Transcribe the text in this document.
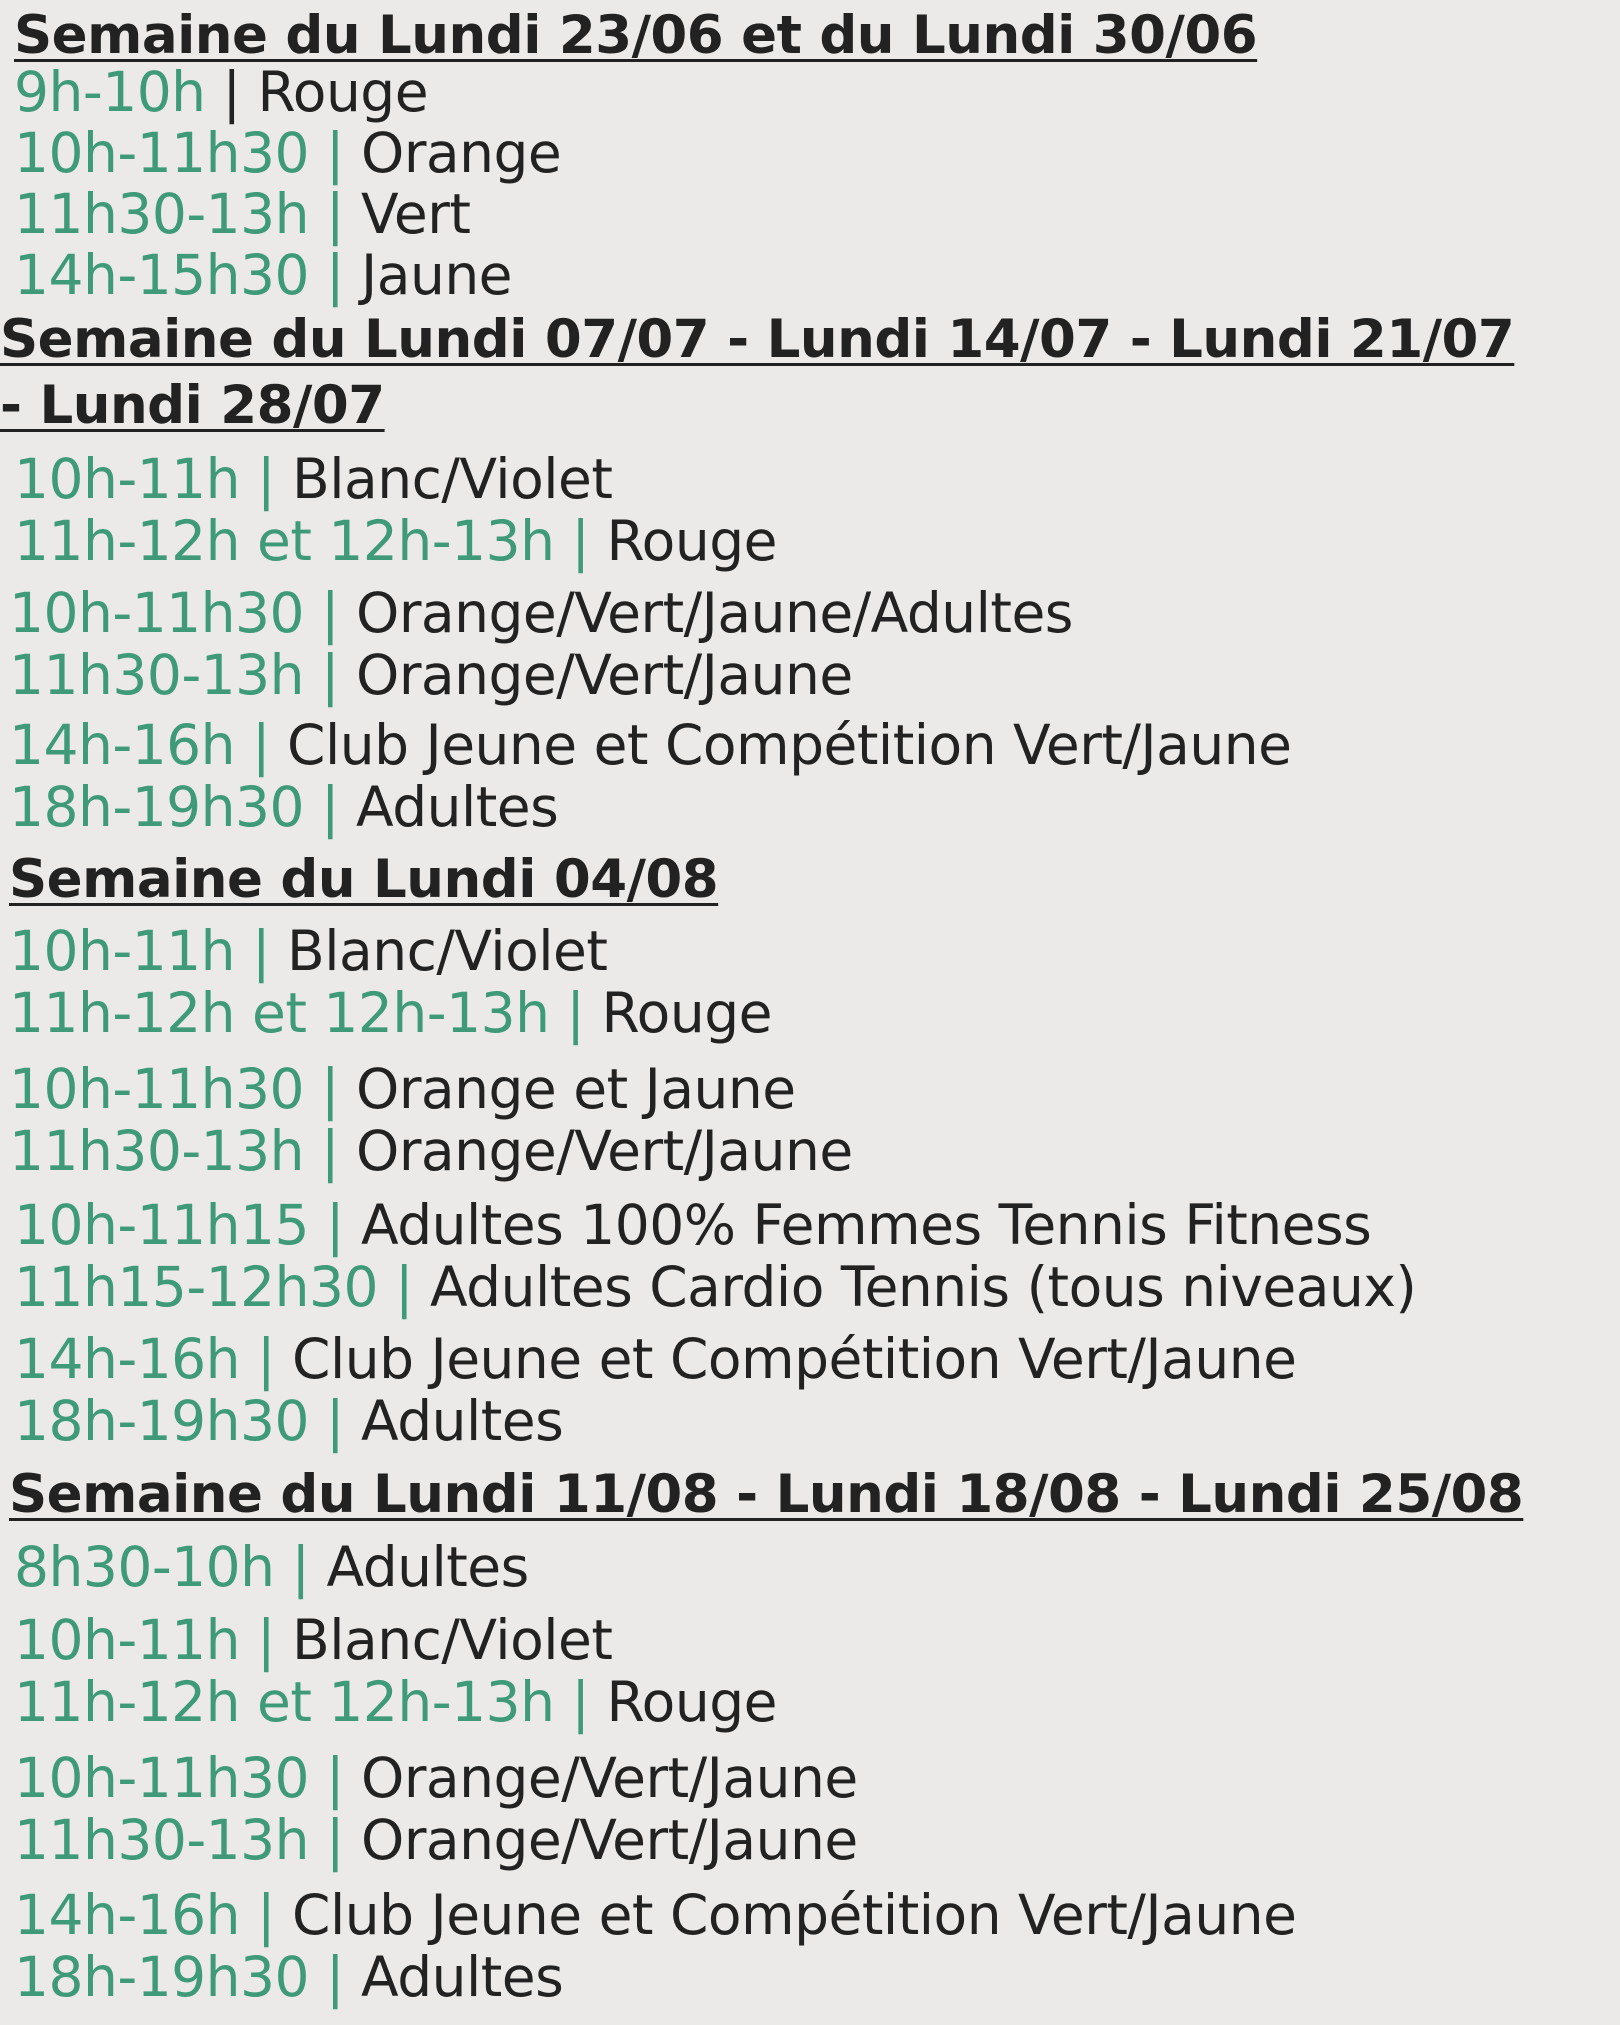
Semaine du Lundi 23/06 et du Lundi 30/06
9h-10h | Rouge
10h-11h30 | Orange
11h30-13h | Vert
14h-15h30 | Jaune
Semaine du Lundi 07/07 - Lundi 14/07 - Lundi 21/07
- Lundi 28/07
10h-11h | Blanc/Violet
11h-12h et 12h-13h | Rouge
10h-11h30 | Orange/Vert/Jaune/Adultes
11h30-13h | Orange/Vert/Jaune
14h-16h | Club Jeune et Compétition Vert/Jaune
18h-19h30 | Adultes
Semaine du Lundi 04/08
10h-11h | Blanc/Violet
11h-12h et 12h-13h | Rouge
10h-11h30 | Orange et Jaune
11h30-13h | Orange/Vert/Jaune
10h-11h15 | Adultes 100% Femmes Tennis Fitness
11h15-12h30 | Adultes Cardio Tennis (tous niveaux)
14h-16h | Club Jeune et Compétition Vert/Jaune
18h-19h30 | Adultes
Semaine du Lundi 11/08 - Lundi 18/08 - Lundi 25/08
8h30-10h | Adultes
10h-11h | Blanc/Violet
11h-12h et 12h-13h | Rouge
10h-11h30 | Orange/Vert/Jaune
11h30-13h | Orange/Vert/Jaune
14h-16h | Club Jeune et Compétition Vert/Jaune
18h-19h30 | Adultes
